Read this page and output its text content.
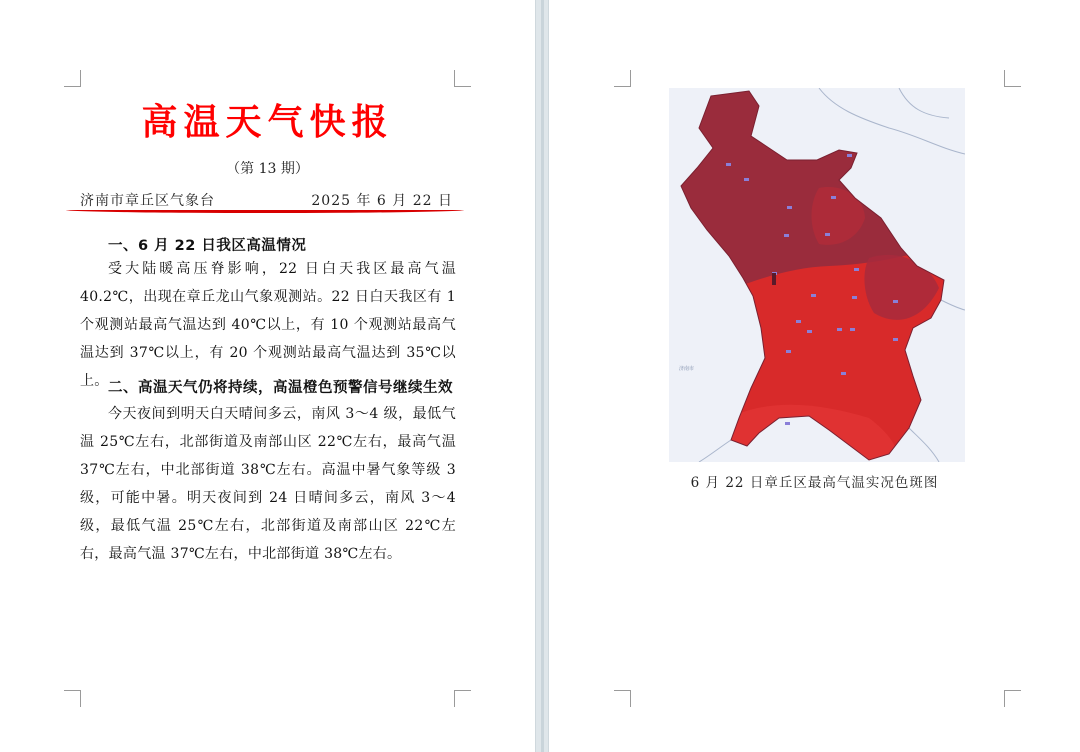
高温天气快报
（第 13 期）
济南市章丘区气象台	2025 年 6 月 22 日
一、6 月 22 日我区高温情况
受大陆暖高压脊影响，22 日白天我区最高气温 40.2℃，出现在章丘龙山气象观测站。22 日白天我区有 1 个观测站最高气温达到 40℃以上，有 10 个观测站最高气温达到 37℃以上，有 20 个观测站最高气温达到 35℃以上。 二、高温天气仍将持续，高温橙色预警信号继续生效
今天夜间到明天白天晴间多云，南风 3～4 级，最低气温 25℃左右，北部街道及南部山区 22℃左右，最高气温 37℃左右，中北部街道 38℃左右。高温中暑气象等级 3 级，可能中暑。明天夜间到 24 日晴间多云，南风 3～4 级，最低气温 25℃左右，北部街道及南部山区 22℃左右，最高气温 37℃左右，中北部街道 38℃左右。
济南市
6 月 22 日章丘区最高气温实况色斑图
